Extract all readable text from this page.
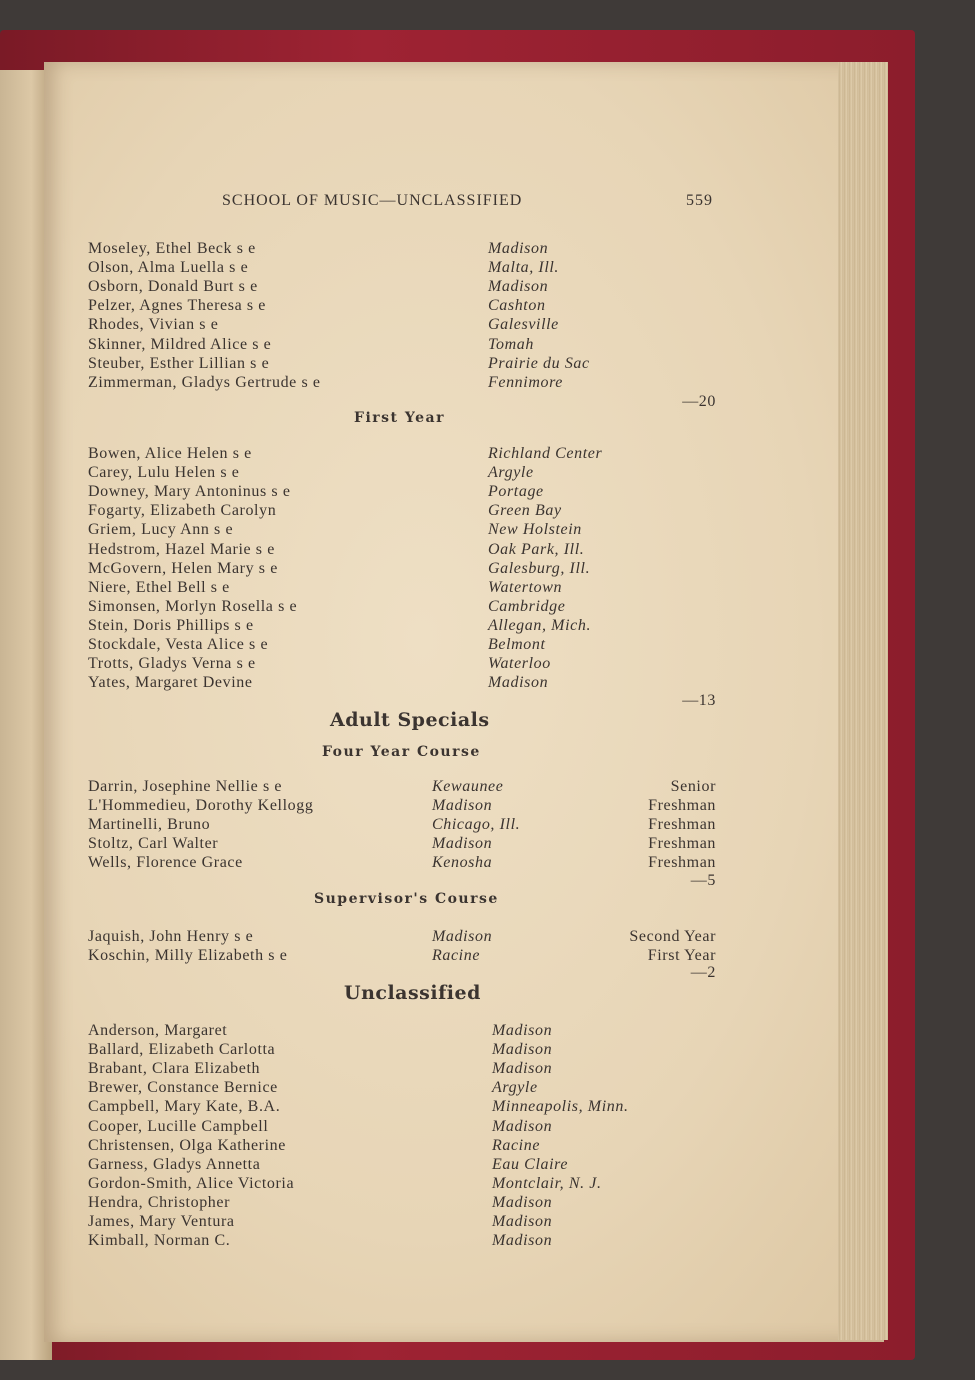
SCHOOL OF MUSIC—UNCLASSIFIED	559
Moseley, Ethel Beck s e	Madison
Olson, Alma Luella s e	Malta, Ill.
Osborn, Donald Burt s e	Madison
Pelzer, Agnes Theresa s e	Cashton
Rhodes, Vivian s e	Galesville
Skinner, Mildred Alice s e	Tomah
Steuber, Esther Lillian s e	Prairie du Sac
Zimmerman, Gladys Gertrude s e	Fennimore
—20
First Year
Bowen, Alice Helen s e	Richland Center
Carey, Lulu Helen s e	Argyle
Downey, Mary Antoninus s e	Portage
Fogarty, Elizabeth Carolyn	Green Bay
Griem, Lucy Ann s e	New Holstein
Hedstrom, Hazel Marie s e	Oak Park, Ill.
McGovern, Helen Mary s e	Galesburg, Ill.
Niere, Ethel Bell s e	Watertown
Simonsen, Morlyn Rosella s e	Cambridge
Stein, Doris Phillips s e	Allegan, Mich.
Stockdale, Vesta Alice s e	Belmont
Trotts, Gladys Verna s e	Waterloo
Yates, Margaret Devine	Madison
—13
Adult Specials
Four Year Course
Darrin, Josephine Nellie s e	Kewaunee	Senior
L'Hommedieu, Dorothy Kellogg	Madison	Freshman
Martinelli, Bruno	Chicago, Ill.	Freshman
Stoltz, Carl Walter	Madison	Freshman
Wells, Florence Grace	Kenosha	Freshman
—5
Supervisor's Course
Jaquish, John Henry s e	Madison	Second Year
Koschin, Milly Elizabeth s e	Racine	First Year
—2
Unclassified
Anderson, Margaret	Madison
Ballard, Elizabeth Carlotta	Madison
Brabant, Clara Elizabeth	Madison
Brewer, Constance Bernice	Argyle
Campbell, Mary Kate, B.A.	Minneapolis, Minn.
Cooper, Lucille Campbell	Madison
Christensen, Olga Katherine	Racine
Garness, Gladys Annetta	Eau Claire
Gordon-Smith, Alice Victoria	Montclair, N. J.
Hendra, Christopher	Madison
James, Mary Ventura	Madison
Kimball, Norman C.	Madison
